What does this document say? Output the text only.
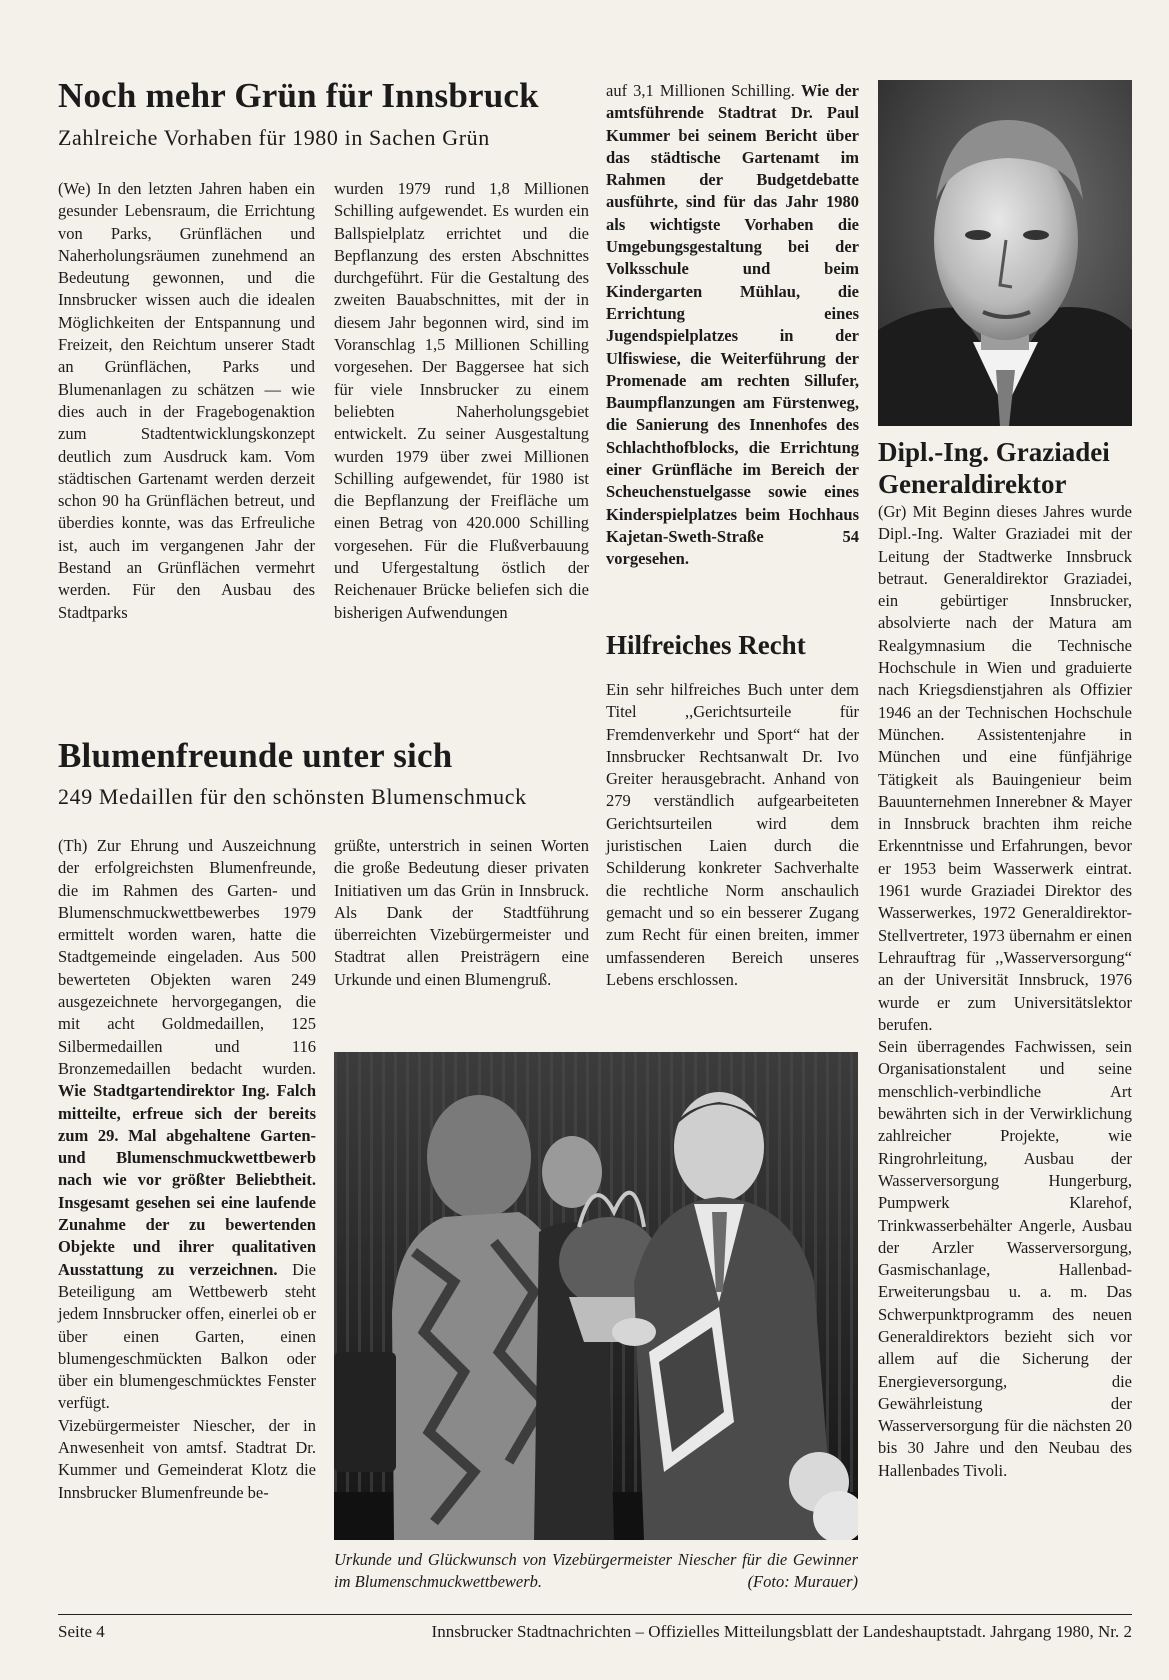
Noch mehr Grün für Innsbruck
Zahlreiche Vorhaben für 1980 in Sachen Grün

(We) In den letzten Jahren haben ein gesunder Lebensraum, die Errichtung von Parks, Grünflächen und Naherholungsräumen zunehmend an Bedeutung gewonnen, und die Innsbrucker wissen auch die idealen Möglichkeiten der Entspannung und Freizeit, den Reichtum unserer Stadt an Grünflächen, Parks und Blumenanlagen zu schätzen — wie dies auch in der Fragebogenaktion zum Stadtentwicklungskonzept deutlich zum Ausdruck kam. Vom städtischen Gartenamt werden derzeit schon 90 ha Grünflächen betreut, und überdies konnte, was das Erfreuliche ist, auch im vergangenen Jahr der Bestand an Grünflächen vermehrt werden. Für den Ausbau des Stadtparks

wurden 1979 rund 1,8 Millionen Schilling aufgewendet. Es wurden ein Ballspielplatz errichtet und die Bepflanzung des ersten Abschnittes durchgeführt. Für die Gestaltung des zweiten Bauabschnittes, mit der in diesem Jahr begonnen wird, sind im Voranschlag 1,5 Millionen Schilling vorgesehen. Der Baggersee hat sich für viele Innsbrucker zu einem beliebten Naherholungsgebiet entwickelt. Zu seiner Ausgestaltung wurden 1979 über zwei Millionen Schilling aufgewendet, für 1980 ist die Bepflanzung der Freifläche um einen Betrag von 420.000 Schilling vorgesehen. Für die Flußverbauung und Ufergestaltung östlich der Reichenauer Brücke beliefen sich die bisherigen Aufwendungen

auf 3,1 Millionen Schilling. Wie der amtsführende Stadtrat Dr. Paul Kummer bei seinem Bericht über das städtische Gartenamt im Rahmen der Budgetdebatte ausführte, sind für das Jahr 1980 als wichtigste Vorhaben die Umgebungsgestaltung bei der Volksschule und beim Kindergarten Mühlau, die Errichtung eines Jugendspielplatzes in der Ulfiswiese, die Weiterführung der Promenade am rechten Sillufer, Baumpflanzungen am Fürstenweg, die Sanierung des Innenhofes des Schlachthofblocks, die Errichtung einer Grünfläche im Bereich der Scheuchenstuelgasse sowie eines Kinderspielplatzes beim Hochhaus Kajetan-Sweth-Straße 54 vorgesehen.

Dipl.-Ing. Graziadei
Generaldirektor

(Gr) Mit Beginn dieses Jahres wurde Dipl.-Ing. Walter Graziadei mit der Leitung der Stadtwerke Innsbruck betraut. Generaldirektor Graziadei, ein gebürtiger Innsbrucker, absolvierte nach der Matura am Realgymnasium die Technische Hochschule in Wien und graduierte nach Kriegsdienstjahren als Offizier 1946 an der Technischen Hochschule München. Assistentenjahre in München und eine fünfjährige Tätigkeit als Bauingenieur beim Bauunternehmen Innerebner & Mayer in Innsbruck brachten ihm reiche Erkenntnisse und Erfahrungen, bevor er 1953 beim Wasserwerk eintrat. 1961 wurde Graziadei Direktor des Wasserwerkes, 1972 Generaldirektor-Stellvertreter, 1973 übernahm er einen Lehrauftrag für ,,Wasserversorgung“ an der Universität Innsbruck, 1976 wurde er zum Universitätslektor berufen.

Sein überragendes Fachwissen, sein Organisationstalent und seine menschlich-verbindliche Art bewährten sich in der Verwirklichung zahlreicher Projekte, wie Ringrohrleitung, Ausbau der Wasserversorgung Hungerburg, Pumpwerk Klarehof, Trinkwasserbehälter Angerle, Ausbau der Arzler Wasserversorgung, Gasmischanlage, Hallenbad-Erweiterungsbau u. a. m. Das Schwerpunktprogramm des neuen Generaldirektors bezieht sich vor allem auf die Sicherung der Energieversorgung, die Gewährleistung der Wasserversorgung für die nächsten 20 bis 30 Jahre und den Neubau des Hallenbades Tivoli.

Hilfreiches Recht

Ein sehr hilfreiches Buch unter dem Titel ,,Gerichtsurteile für Fremdenverkehr und Sport“ hat der Innsbrucker Rechtsanwalt Dr. Ivo Greiter herausgebracht. Anhand von 279 verständlich aufgearbeiteten Gerichtsurteilen wird dem juristischen Laien durch die Schilderung konkreter Sachverhalte die rechtliche Norm anschaulich gemacht und so ein besserer Zugang zum Recht für einen breiten, immer umfassenderen Bereich unseres Lebens erschlossen.

Blumenfreunde unter sich
249 Medaillen für den schönsten Blumenschmuck

(Th) Zur Ehrung und Auszeichnung der erfolgreichsten Blumenfreunde, die im Rahmen des Garten- und Blumenschmuckwettbewerbes 1979 ermittelt worden waren, hatte die Stadtgemeinde eingeladen. Aus 500 bewerteten Objekten waren 249 ausgezeichnete hervorgegangen, die mit acht Goldmedaillen, 125 Silbermedaillen und 116 Bronzemedaillen bedacht wurden. Wie Stadtgartendirektor Ing. Falch mitteilte, erfreue sich der bereits zum 29. Mal abgehaltene Garten- und Blumenschmuckwettbewerb nach wie vor größter Beliebtheit. Insgesamt gesehen sei eine laufende Zunahme der zu bewertenden Objekte und ihrer qualitativen Ausstattung zu verzeichnen. Die Beteiligung am Wettbewerb steht jedem Innsbrucker offen, einerlei ob er über einen Garten, einen blumengeschmückten Balkon oder über ein blumengeschmücktes Fenster verfügt.

Vizebürgermeister Niescher, der in Anwesenheit von amtsf. Stadtrat Dr. Kummer und Gemeinderat Klotz die Innsbrucker Blumenfreunde be-

grüßte, unterstrich in seinen Worten die große Bedeutung dieser privaten Initiativen um das Grün in Innsbruck. Als Dank der Stadtführung überreichten Vizebürgermeister und Stadtrat allen Preisträgern eine Urkunde und einen Blumengruß.

Urkunde und Glückwunsch von Vizebürgermeister Niescher für die Gewinner im Blumenschmuckwettbewerb.	(Foto: Murauer)
Seite 4	Innsbrucker Stadtnachrichten – Offizielles Mitteilungsblatt der Landeshauptstadt. Jahrgang 1980, Nr. 2
